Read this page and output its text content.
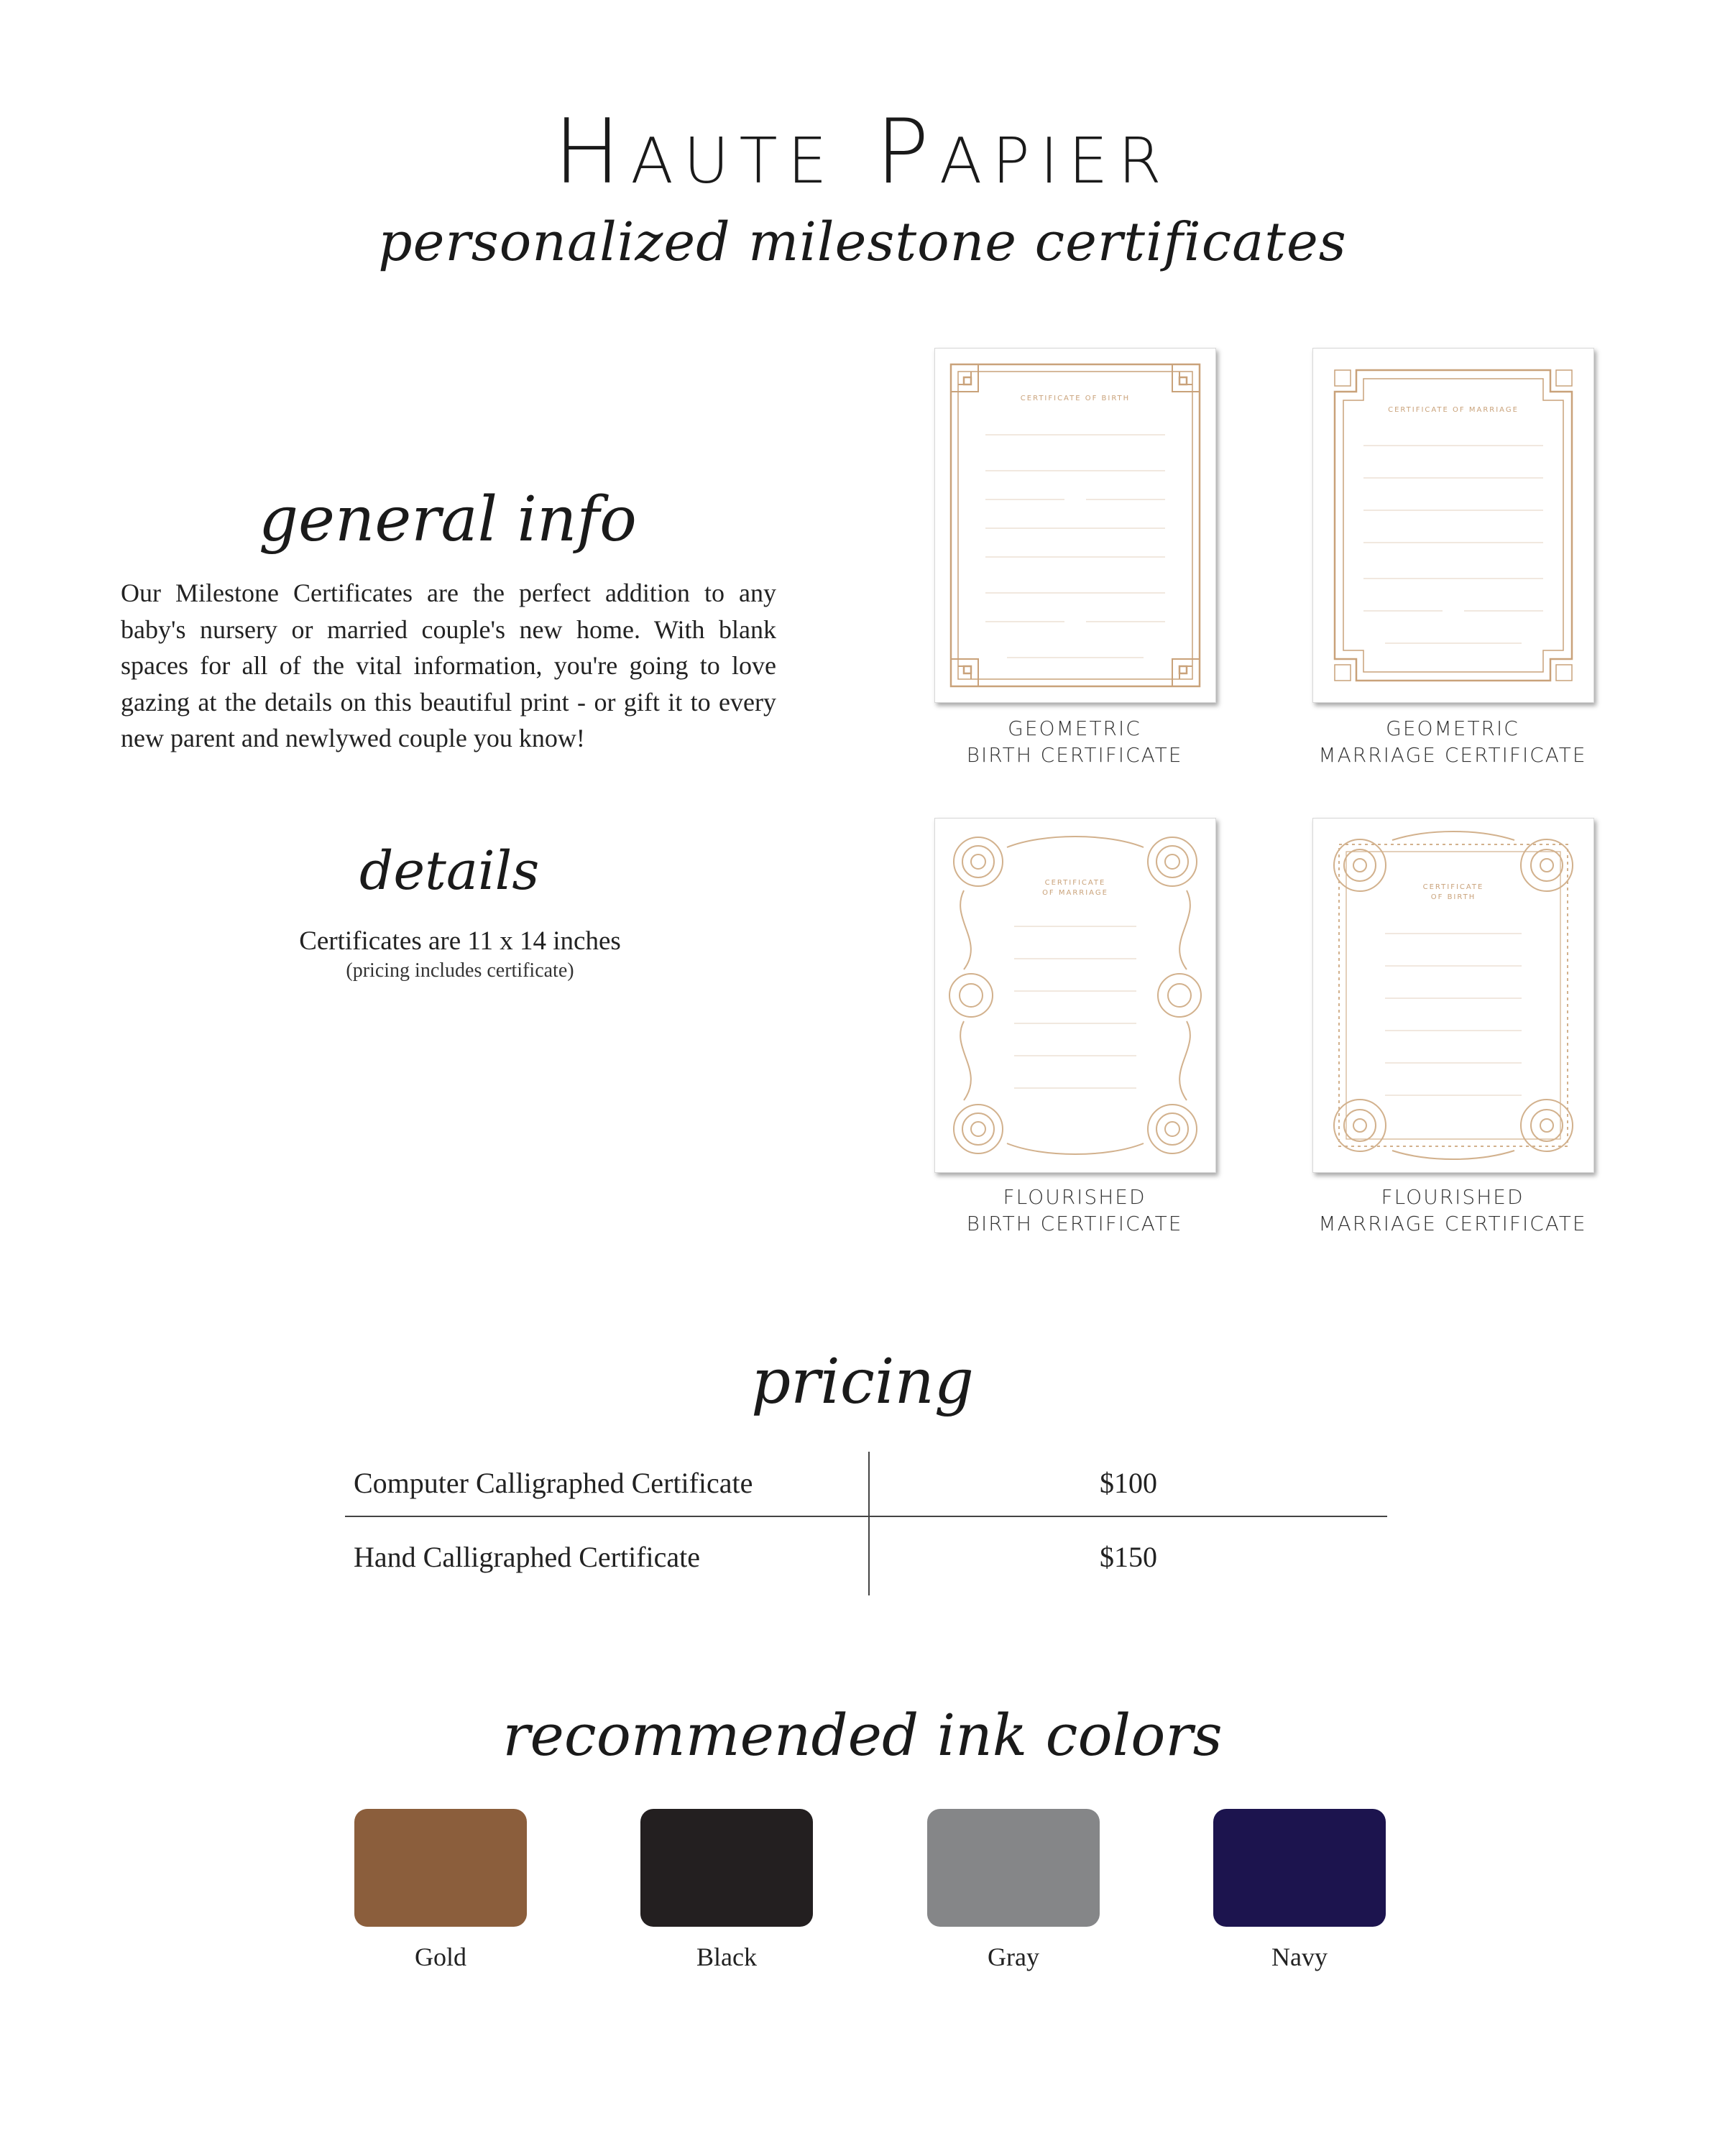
Haute Papier
personalized milestone certificates
general info
Our Milestone Certificates are the perfect addition to any baby's nursery or married couple's new home. With blank spaces for all of the vital information, you're going to love gazing at the details on this beautiful print - or gift it to every new parent and newlywed couple you know!
details
Certificates are 11 x 14 inches
(pricing includes certificate)
CERTIFICATE OF BIRTH
GEOMETRIC
BIRTH CERTIFICATE
CERTIFICATE OF MARRIAGE
GEOMETRIC
MARRIAGE CERTIFICATE
CERTIFICATE
OF MARRIAGE
FLOURISHED
BIRTH CERTIFICATE
CERTIFICATE
OF BIRTH
FLOURISHED
MARRIAGE CERTIFICATE
pricing
Computer Calligraphed Certificate	$100
Hand Calligraphed Certificate	$150
recommended ink colors
Gold	Black	Gray	Navy
